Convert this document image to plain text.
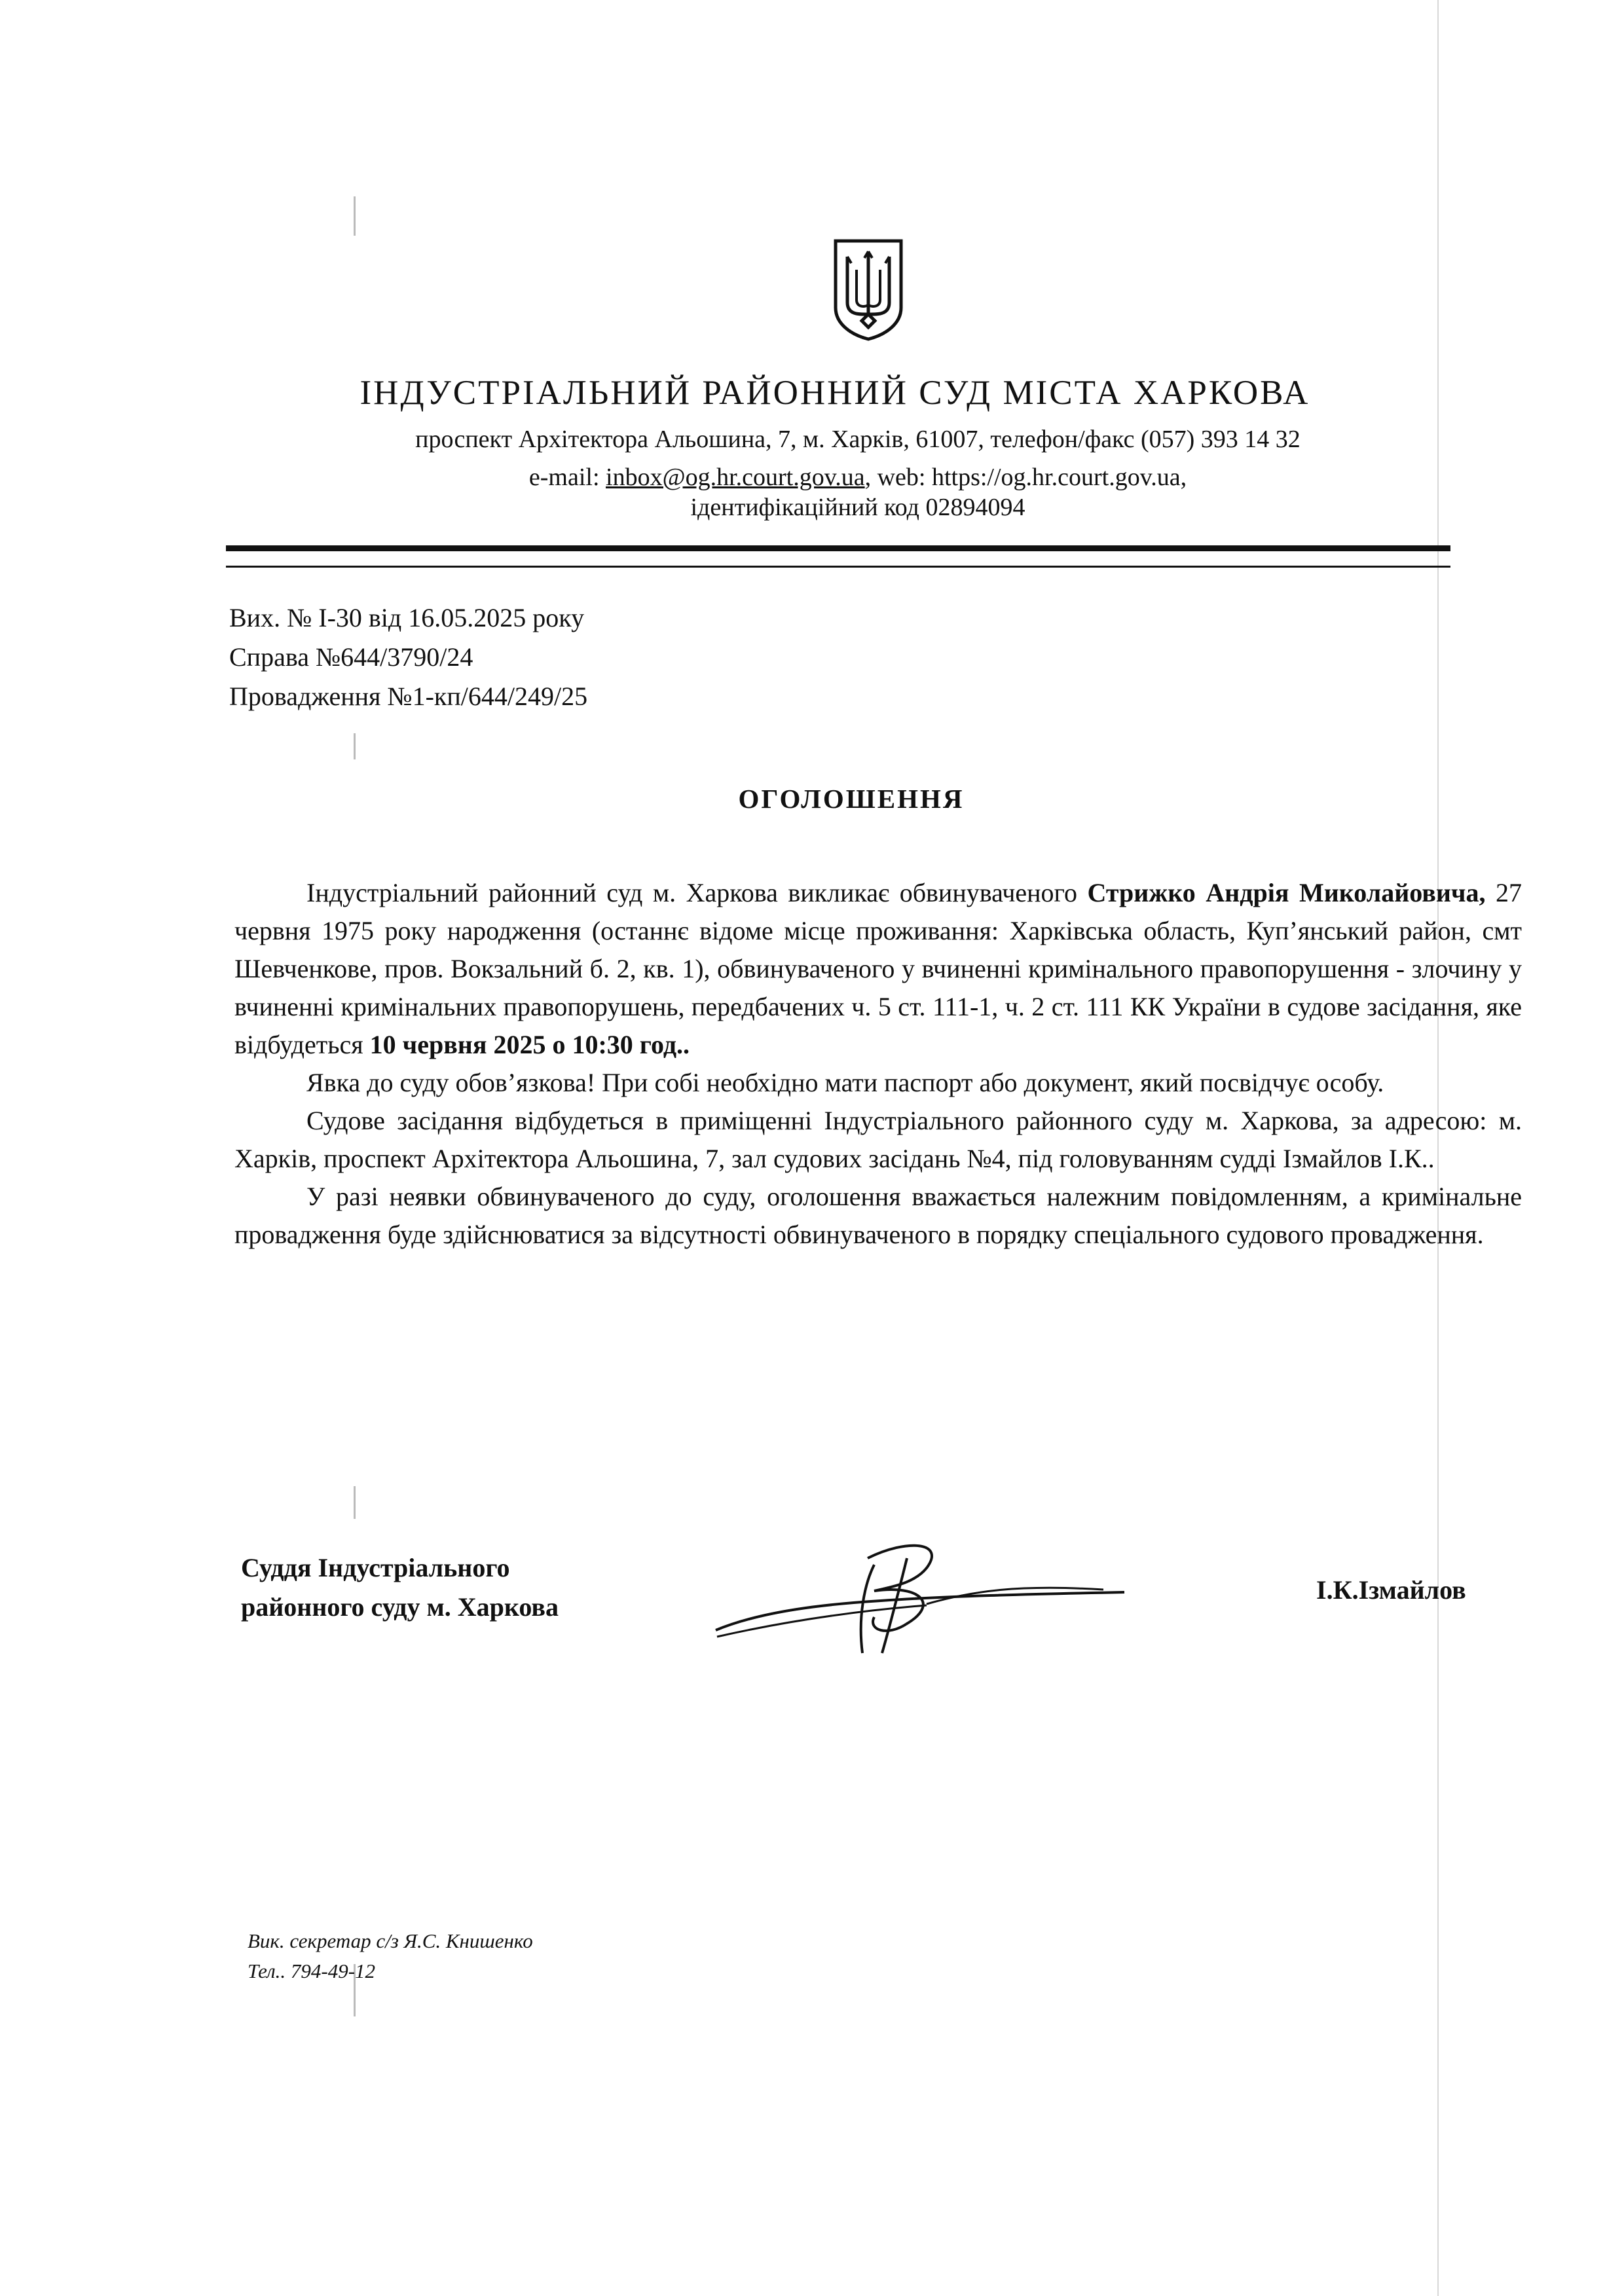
ІНДУСТРІАЛЬНИЙ РАЙОННИЙ СУД МІСТА ХАРКОВА
проспект Архітектора Альошина, 7, м. Харків, 61007, телефон/факс (057) 393 14 32
e-mail: inbox@og.hr.court.gov.ua, web: https://og.hr.court.gov.ua,
ідентифікаційний код 02894094
Вих. № І-30 від 16.05.2025 року
Справа №644/3790/24
Провадження №1-кп/644/249/25
ОГОЛОШЕННЯ

Індустріальний районний суд м. Харкова викликає обвинуваченого Стрижко Андрія Миколайовича, 27 червня 1975 року народження (останнє відоме місце проживання: Харківська область, Куп’янський район, смт Шевченкове, пров. Вокзальний б. 2, кв. 1), обвинуваченого у вчиненні кримінального правопорушення - злочину у вчиненні кримінальних правопорушень, передбачених ч. 5 ст. 111-1, ч. 2 ст. 111 КК України в судове засідання, яке відбудеться 10 червня 2025 о 10:30 год..

Явка до суду обов’язкова! При собі необхідно мати паспорт або документ, який посвідчує особу.

Судове засідання відбудеться в приміщенні Індустріального районного суду м. Харкова, за адресою: м. Харків, проспект Архітектора Альошина, 7, зал судових засідань №4, під головуванням судді Ізмайлов І.К..

У разі неявки обвинуваченого до суду, оголошення вважається належним повідомленням, а кримінальне провадження буде здійснюватися за відсутності обвинуваченого в порядку спеціального судового провадження.

Суддя Індустріального
районного суду м. Харкова
І.К.Ізмайлов
Вик. секретар с/з Я.С. Книшенко
Тел.. 794-49-12
